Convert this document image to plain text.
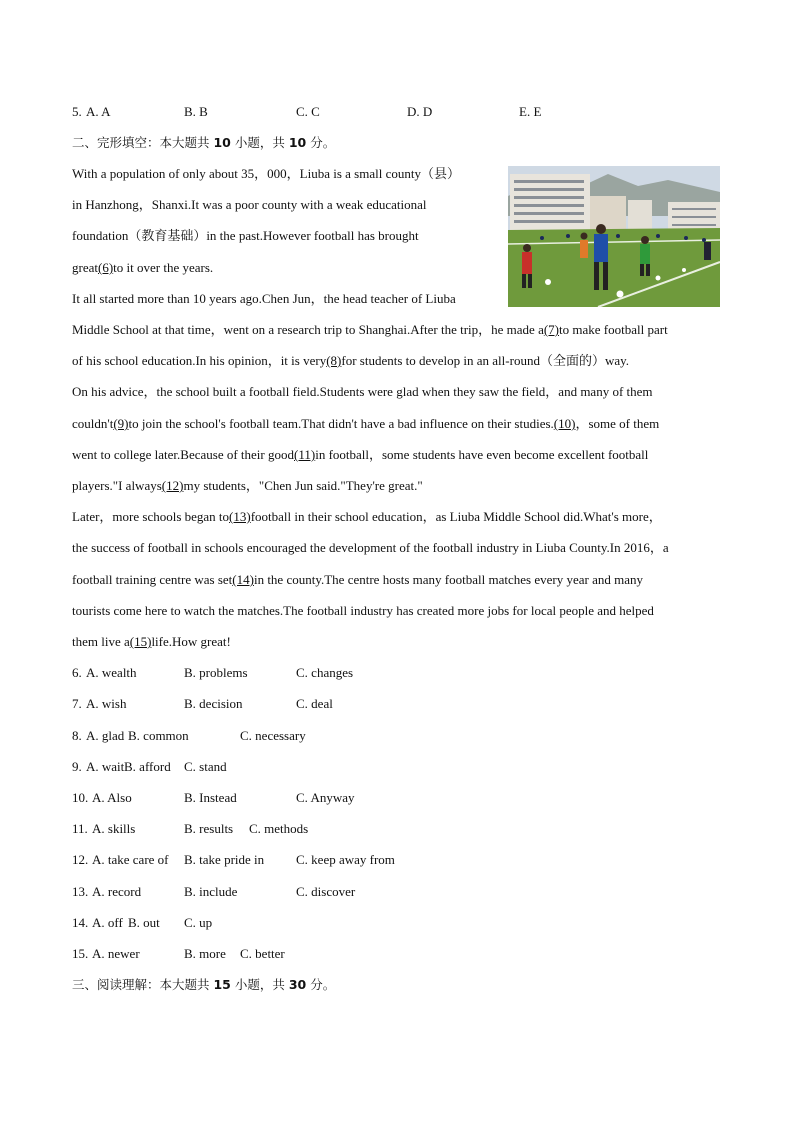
5. A. A	B. B	C. C	D. D	E. E
二、完形填空：本大题共 10 小题，共 10 分。
With a population of only about 35，000，Liuba is a small county（县）
in Hanzhong，Shanxi.It was a poor county with a weak educational
foundation（教育基础）in the past.However football has brought
great(6)to it over the years.
It all started more than 10 years ago.Chen Jun，the head teacher of Liuba
Middle School at that time，went on a research trip to Shanghai.After the trip，he made a(7)to make football part
of his school education.In his opinion，it is very(8)for students to develop in an all-round（全面的）way.
On his advice，the school built a football field.Students were glad when they saw the field，and many of them
couldn't(9)to join the school's football team.That didn't have a bad influence on their studies.(10)，some of them
went to college later.Because of their good(11)in football，some students have even become excellent football
players."I always(12)my students，"Chen Jun said."They're great."
Later，more schools began to(13)football in their school education，as Liuba Middle School did.What's more，
the success of football in schools encouraged the development of the football industry in Liuba County.In 2016，a
football training centre was set(14)in the county.The centre hosts many football matches every year and many
tourists come here to watch the matches.The football industry has created more jobs for local people and helped
them live a(15)life.How great!
6. A. wealth	B. problems	C. changes
7. A. wish	B. decision	C. deal
8. A. glad B. common	C. necessary
9. A. wait B. afford C. stand
10. A. Also	B. Instead	C. Anyway
11. A. skills	B. results C. methods
12. A. take care of B. take pride in C. keep away from
13. A. record	B. include	C. discover
14. A. off B. out C. up
15. A. newer	B. more C. better
三、阅读理解：本大题共 15 小题，共 30 分。
